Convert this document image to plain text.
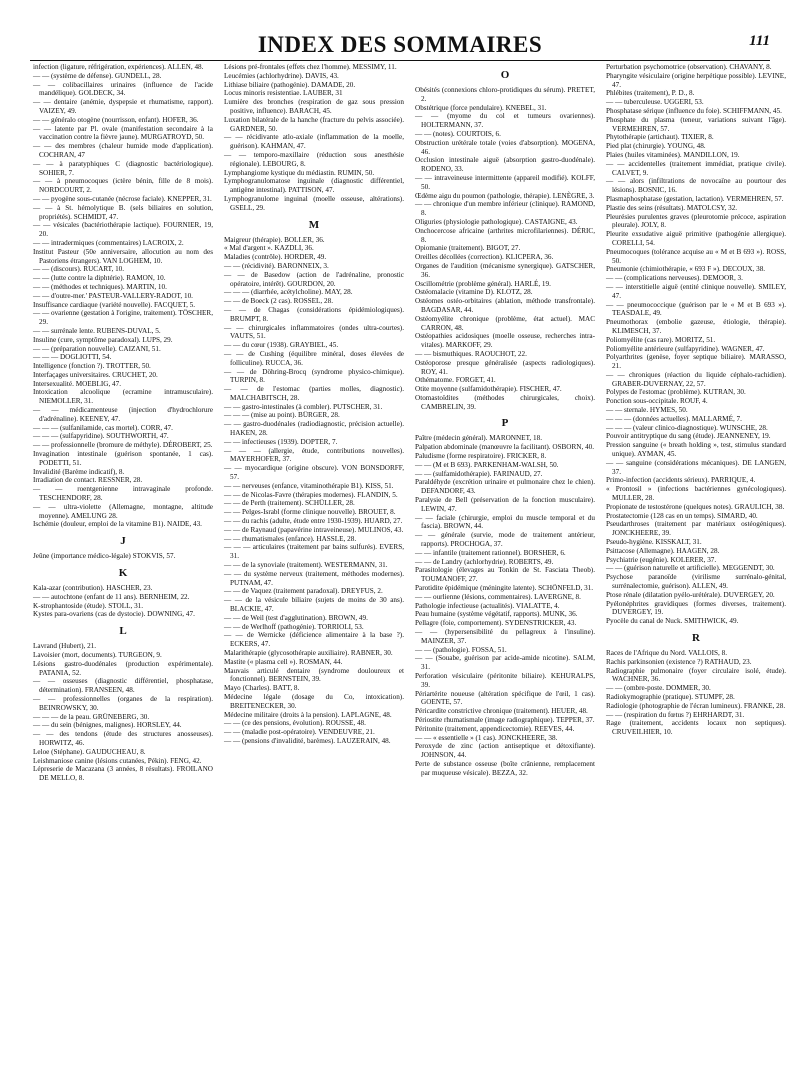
INDEX DES SOMMAIRES	111
infection (ligature, réfrigération, expériences). ALLEN, 48.
— — (système de défense). GUNDELL, 28.
— — colibacillaires urinaires (influence de l'acide mandélique). GOLDECK, 34.
— — dentaire (anémie, dyspepsie et rhumatisme, rapport). VAIZEY, 49.
— — généralo otogène (nourrisson, enfant). HOFER, 36.
— — latente par Pl. ovale (manifestation secondaire à la vaccination contre la fièvre jaune). MURGATROYD, 50.
— — des membres (chaleur humide mode d'application). COCHRAN, 47
— — à paratyphiques C (diagnostic bactériologique). SOHIER, 7.
— — à pneumocoques (ictère bénin, fille de 8 mois). NORDCOURT, 2.
— — pyogène sous-cutanée (nécrose faciale). KNEPPER, 31.
— — à St. hémolytique B. (sels biliaires en solution, propriétés). SCHMIDT, 47.
— — vésicales (bactériothérapie lactique). FOURNIER, 19, 20.
— — intradermiques (commentaires) LACROIX, 2.
Institut Pasteur (50e anniversaire, allocution au nom des Pastoriens étrangers). VAN LOGHEM, 10.
— — (discours). RUCART, 10.
— — (lutte contre la diphtérie). RAMON, 10.
— — (méthodes et techniques). MARTIN, 10.
— — d'outre-mer.' PASTEUR-VALLERY-RADOT, 10.
Insuffisance cardiaque (variété nouvelle). FACQUET, 5.
— — ovarienne (gestation à l'origine, traitement). TÖSCHER, 29.
— — surrénale lente. RUBENS-DUVAL, 5.
Insuline (cure, symptôme paradoxal). LUPS, 29.
— — (préparation nouvelle). CAIZANI, 51.
— — — DOGLIOTTI, 54.
Intelligence (fonction ?). TROTTER, 50.
Interfaçages universitaires. CRUCHET, 20.
Intersexualité. MOEBLIG, 47.
Intoxication alcoolique (ecramine intramusculaire). NIEMOLLER, 31.
— — médicamenteuse (injection d'hydrochlorure d'adrénaline). KEENEY, 47.
— — — (sulfanilamide, cas mortel). CORR, 47.
— — — (sulfapyridine). SOUTHWORTH, 47.
— — professionnelle (bromure de méthyle). DÉROBERT, 25.
Invagination intestinale (guérison spontanée, 1 cas). PODETTI, 51.
Invalidité (Barème indicatif), 8.
Irradiation de contact. RESSNER, 28.
— — roentgenienne intravaginale profonde. TESCHENDORF, 28.
— — ultra-violette (Allemagne, montagne, altitude moyenne). AMELUNG 28.
Ischémie (douleur, emploi de la vitamine B1). NAIDE, 43.
J
Jeûne (importance médico-légale) STOKVIS, 57.
K
Kala-azar (contribution). HASCHER, 23.
— — autochtone (enfant de 11 ans). BERNHEIM, 22.
K-strophantoside (étude). STOLL, 31.
Kystes para-ovariens (cas de dystocie). DOWNING, 47.
L
Lavrand (Hubert), 21.
Lavoisier (mort, documents). TURGEON, 9.
Lésions gastro-duodénales (production expérimentale). PATANIA, 52.
— — osseuses (diagnostic différentiel, phosphatase, détermination). FRANSEEN, 48.
— — professionnelles (organes de la respiration). BEINROWSKY, 30.
— — — de la peau. GRÜNEBERG, 30.
— — du sein (bénignes, malignes). HORSLEY, 44.
— — des tendons (étude des structures anosseuses). HORWITZ, 46.
Leloe (Stéphane). GAUDUCHEAU, 8.
Leishmaniose canine (lésions cutanées, Pékin). FENG, 42.
Lépreserie de Macazana (3 années, 8 résultats). FROILANO DE MELLO, 8.
Lésions pré-frontales (effets chez l'homme). MESSIMY, 11.
Leucémies (achlorhydrine). DAVIS, 43.
Lithiase biliaire (pathogénie). DAMADE, 20.
Locus minoris resistentiae. LAUBER, 31
Lumière des bronches (respiration de gaz sous pression positive, influence). BARACH, 45.
Luxation bilatérale de la hanche (fracture du pelvis associée). GARDNER, 50.
— — récidivante atlo-axiale (inflammation de la moelle, guérison). KAHMAN, 47.
— — temporo-maxillaire (réduction sous anesthésie régionale). LEBOURG, 8.
Lymphangiome kystique du médiastin. RUMIN, 50.
Lymphogranulomatose inguinale (diagnostic différentiel, antigène intestinal). PATTISON, 47.
Lymphogranulome inguinal (moelle osseuse, altérations). GSELL, 29.
M
Maigreur (thérapie). BOLLER, 36.
« Mal d'argent ». KAZDLI, 36.
Maladies (contrôle). HORDER, 49.
— — (récidivité). BARONNEIX, 3.
— — de Basedow (action de l'adrénaline, pronostic opératoire, intérêt). GOURDON, 20.
— — — (diarrhée, acétylcholine). MAY, 28.
— — de Boeck (2 cas). ROSSEL, 28.
— — de Chagas (considérations épidémiologiques). BRUMPT, 8.
— — chirurgicales inflammatoires (ondes ultra-courtes). VAUTS, 51.
— — du cœur (1938). GRAYBIEL, 45.
— — de Cushing (équilibre minéral, doses élevées de folliculine). RUCCA, 36.
— — de Döhring-Brocq (syndrome physico-chimique). TURPIN, 8.
— — de l'estomac (parties molles, diagnostic). MALCHABITSCH, 28.
— — gastro-intestinales (à combler). PUTSCHER, 31.
— — — (mise au point). BÜRGER, 28.
— — gastro-duodénales (radiodiagnostic, précision actuelle). HAKEN, 28.
— — infectieuses (1939). DOPTER, 7.
— — — (allergie, étude, contributions nouvelles). MAYERHOFER, 37.
— — myocardique (origine obscure). VON BONSDORFF, 57.
— — nerveuses (enfance, vitaminothérapie B1). KISS, 51.
— — de Nicolas-Favre (thérapies modernes). FLANDIN, 5.
— — de Perth (traitement). SCHÜLLER, 28.
— — Pelges-Israbl (forme clinique nouvelle). BROUET, 8.
— — du rachis (adulte, étude entre 1930-1939). HUARD, 27.
— — de Raynaud (papavérine intraveineuse). MULINOS, 43.
— — rhumatismales (enfance). HASSLE, 28.
— — — articulaires (traitement par bains sulfurés). EVERS, 31.
— — de la synoviale (traitement). WESTERMANN, 31.
— — du système nerveux (traitement, méthodes modernes). PUTNAM, 47.
— — de Vaquez (traitement paradoxal). DREYFUS, 2.
— — de la vésicule biliaire (sujets de moins de 30 ans). BLACKIE, 47.
— — de Weil (test d'agglutination). BROWN, 49.
— — de Werlhoff (pathogénie). TORRIOLI, 53.
— — de Wernicke (déficience alimentaire à la base ?). ECKERS, 47.
Malarithérapie (glycosothérapie auxiliaire). RABNER, 30.
Mastite (« plasma cell »). ROSMAN, 44.
Mauvais articulé dentaire (syndrome douloureux et fonctionnel). BERNSTEIN, 39.
Mayo (Charles). BATT, 8.
Médecine légale (dosage du Co, intoxication). BREITENECKER, 30.
Médecine militaire (droits à la pension). LAPLAGNE, 48.
— — (ce des pensions, évolution). ROUSSE, 48.
— — (maladie post-opératoire). VENDEUVRE, 21.
— — (pensions d'invalidité, barèmes). LAUZERAIN, 48.
O
Obésités (connexions chloro-protidiques du sérum). PRETET, 2.
Obstétrique (force pendulaire). KNEBEL, 31.
— — (myome du col et tumeurs ovariennes). HOLTERMANN, 37.
— — (notes). COURTOIS, 6.
Obstruction urétérale totale (voies d'absorption). MOGENA, 46.
Occlusion intestinale aiguë (absorption gastro-duodénale). RODENO, 33.
— — intraveineuse intermittente (appareil modifié). KOLFF, 50.
Œdème aigu du poumon (pathologie, thérapie). LENÈGRE, 3.
— — chronique d'un membre inférieur (clinique). RAMOND, 8.
Oliguries (physiologie pathologique). CASTAIGNE, 43.
Onchocercose africaine (arthrites microfilariennes). DÉRIC, 8.
Opiomanie (traitement). BIGOT, 27.
Oreilles décollées (correction). KLICPERA, 36.
Organes de l'audition (mécanisme synergique). GATSCHER, 36.
Oscillométrie (problème général). HARLÉ, 19.
Ostéomalacie (vitamine D). KLOTZ, 28.
Ostéomes ostéo-orbitaires (ablation, méthode transfrontale). BAGDASAR, 44.
Ostéomyélite chronique (problème, état actuel). MAC CARRON, 48.
Ostéopathies acidosiques (moelle osseuse, recherches intra-vitales). MARKOFF, 29.
— — bismuthiques. RAOUCHOT, 22.
Ostéoporose presque généralisée (aspects radiologiques). ROY, 41.
Othématome. FORGET, 41.
Otite moyenne (sulfamidothérapie). FISCHER, 47.
Otomastoïdites (méthodes chirurgicales, choix). CAMBRELIN, 39.
P
Paître (médecin général). MARONNET, 18.
Palpation abdominale (manœuvre la facilitant). OSBORN, 40.
Paludisme (forme respiratoire). FRICKER, 8.
— — (M et B 693). PARKENHAM-WALSH, 50.
— — (sulfamidothérapie). FARINAUD, 27.
Paraldéhyde (excrétion urinaire et pulmonaire chez le chien). DEFANDORF, 43.
Paralysie de Bell (préservation de la fonction musculaire). LEWIN, 47.
— — faciale (chirurgie, emploi du muscle temporal et du fascia). BROWN, 44.
— — générale (survie, mode de traitement antérieur, rapports). PROCHOGA, 37.
— — infantile (traitement rationnel). BORSHER, 6.
— — de Landry (achlorhydrie). ROBERTS, 49.
Parasitologie (élevages au Tonkin de St. Fasciata Theob). TOUMANOFF, 27.
Parotidite épidémique (méningite latente). SCHÖNFELD, 31.
— — ourlienne (lésions, commentaires). LAVERGNE, 8.
Pathologie infectieuse (actualités). VIALATTE, 4.
Peau humaine (système végétatif, rapports). MUNK, 36.
Pellagre (foie, comportement). SYDENSTRICKER, 43.
— — (hypersensibilité du pellagreux à l'insuline). MAINZER, 37.
— — (pathologie). FOSSA, 51.
— — (Souabe, guérison par acide-amide nicotine). SALM, 31.
Perforation vésiculaire (péritonite biliaire). KEHURALPS, 39.
Périartérite noueuse (altération spécifique de l'œil, 1 cas). GOENTE, 57.
Péricardite constrictive chronique (traitement). HEUER, 48.
Périostite rhumatismale (image radiographique). TEPPER, 37.
Péritonite (traitement, appendicectomie). REEVES, 44.
— — « essentielle » (1 cas). JONCKHEERE, 38.
Peroxyde de zinc (action antiseptique et détoxifiante). JOHNSON, 44.
Perte de substance osseuse (boîte crânienne, remplacement par muqueuse vésicale). BEZZA, 32.
Perturbation psychomotrice (observation). CHAVANY, 8.
Pharyngite vésiculaire (origine herpétique possible). LEVINE, 47.
Phlébites (traitement), P. D., 8.
— — tuberculeuse. UGGERI, 53.
Phosphatase sérique (influence du foie). SCHIFFMANN, 45.
Phosphate du plasma (teneur, variations suivant l'âge). VERMEHREN, 57.
Phytothérapie (artichaut). TIXIER, 8.
Pied plat (chirurgie). YOUNG, 48.
Plaies (huiles vitaminées). MANDILLON, 19.
— — accidentelles (traitement immédiat, pratique civile). CALVET, 9.
— — alors (infiltrations de novocaïne au pourtour des lésions). BOSNIC, 16.
Plasmaphosphatase (gestation, lactation). VERMEHREN, 57.
Plastie des seins (résultats). MATOLCSY, 32.
Pleurésies purulentes graves (pleurotomie précoce, aspiration pleurale). JOLY, 8.
Pleurite exsudative aiguë primitive (pathogénie allergique). CORELLI, 54.
Pneumocoques (tolérance acquise au « M et B 693 »). ROSS, 50.
Pneumonie (chimiothérapie, « 693 F »). DECOUX, 38.
— — (complications nerveuses). DEMOOR, 3.
— — interstitielle aiguë (entité clinique nouvelle). SMILEY, 47.
— — pneumococcique (guérison par le « M et B 693 »). TEASDALE, 49.
Pneumothorax (embolie gazeuse, étiologie, thérapie). KLIMESCH, 37.
Poliomyélite (cas rare). MORITZ, 51.
Poliomyélite antérieure (sulfapyridine). WAGNER, 47.
Polyarthrites (genèse, foyer septique biliaire). MARASSO, 21.
— — chroniques (réaction du liquide céphalo-rachidien). GRABER-DUVERNAY, 22, 57.
Polypes de l'estomac (problème). KUTRAN, 30.
Ponction sous-occipitale. ROUF, 4.
— — sternale. HYMES, 50.
— — — (données actuelles). MALLARMÉ, 7.
— — — (valeur clinico-diagnostique). WUNSCHE, 28.
Pouvoir antitryptique du sang (étude). JEANNENEY, 19.
Pression sanguine (« breath holding », test, stimulus standard unique). AYMAN, 45.
— — sanguine (considérations mécaniques). DE LANGEN, 37.
Primo-infection (accidents sérieux). PARRIQUE, 4.
« Prontosil » (infections bactériennes gynécologiques). MULLER, 28.
Propionate de testostérone (quelques notes). GRAULICH, 38.
Prostatectomie (128 cas en un temps). SIMARD, 40.
Pseudarthroses (traitement par matériaux ostéogéniques). JONCKHEERE, 39.
Pseudo-hygiène. KISSKALT, 31.
Psittacose (Allemagne). HAAGEN, 28.
Psychiatrie (eugénie). KOLERER, 37.
— — (guérison naturelle et artificielle). MEGGENDT, 30.
Psychose paranoïde (virilisme surrénalo-génital, surrénalectomie, guérison). ALLEN, 49.
Ptose rénale (dilatation pyélo-urétérale). DUVERGEY, 20.
Pyélonéphrites gravidiques (formes diverses, traitement). DUVERGEY, 19.
Pyocèle du canal de Nuck. SMITHWICK, 49.
R
Races de l'Afrique du Nord. VALLOIS, 8.
Rachis parkinsonien (existence ?) RATHAUD, 23.
Radiographie pulmonaire (foyer circulaire isolé, étude). WACHNER, 36.
— — (ombre-poste. DOMMER, 30.
Radiokymographie (pratique). STUMPF, 28.
Radiologie (photographie de l'écran lumineux). FRANKE, 28.
— — (respiration du fœtus ?) EHRHARDT, 31.
Rage (traitement, accidents locaux non septiques). CRUVEILHIER, 10.
